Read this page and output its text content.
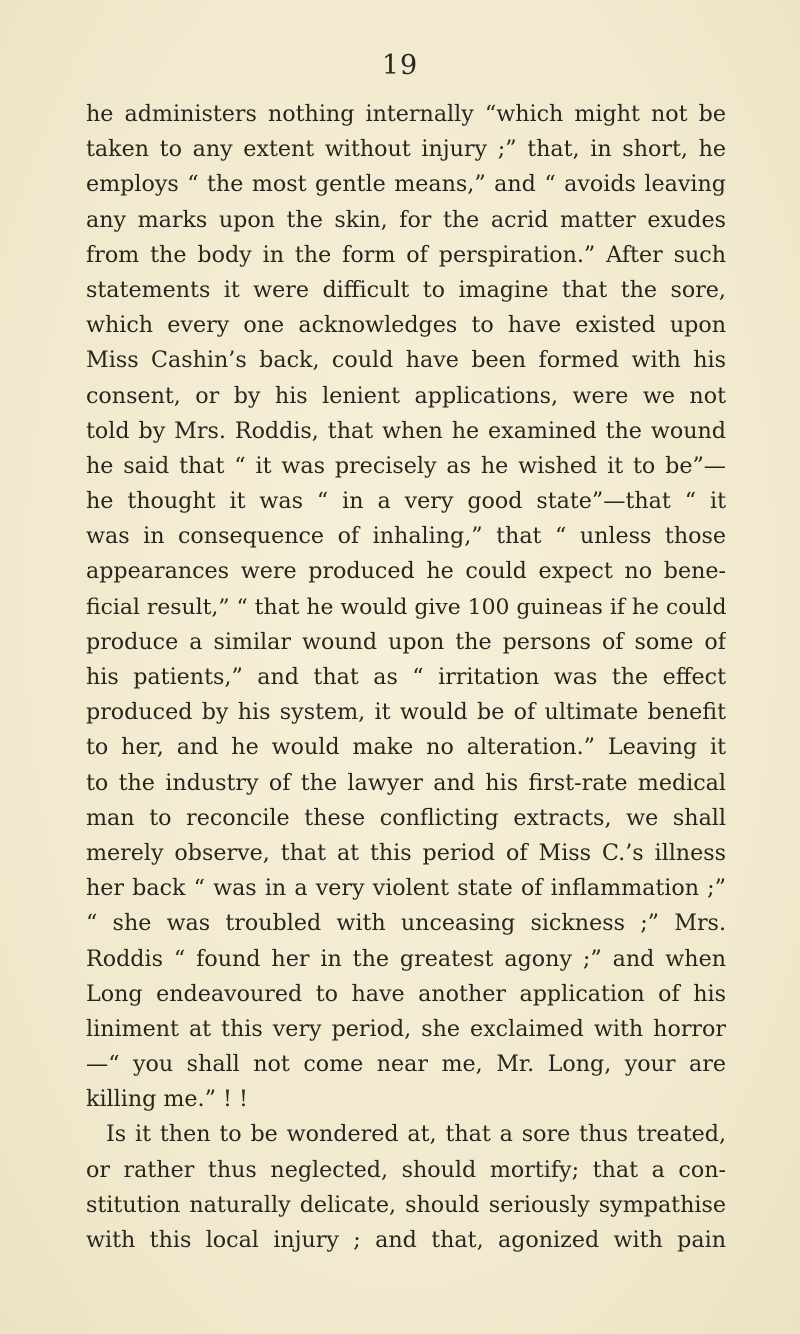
19
he administers nothing internally “which might not be
taken to any extent without injury ;” that, in short, he
employs “ the most gentle means,” and “ avoids leaving
any marks upon the skin, for the acrid matter exudes
from the body in the form of perspiration.” After such
statements it were difficult to imagine that the sore,
which every one acknowledges to have existed upon
Miss Cashin’s back, could have been formed with his
consent, or by his lenient applications, were we not
told by Mrs. Roddis, that when he examined the wound
he said that “ it was precisely as he wished it to be”—
he thought it was “ in a very good state”—that “ it
was in consequence of inhaling,” that “ unless those
appearances were produced he could expect no bene-
ficial result,” “ that he would give 100 guineas if he could
produce a similar wound upon the persons of some of
his patients,” and that as “ irritation was the effect
produced by his system, it would be of ultimate benefit
to her, and he would make no alteration.” Leaving it
to the industry of the lawyer and his first-rate medical
man to reconcile these conflicting extracts, we shall
merely observe, that at this period of Miss C.’s illness
her back “ was in a very violent state of inflammation ;”
“ she was troubled with unceasing sickness ;” Mrs.
Roddis “ found her in the greatest agony ;” and when
Long endeavoured to have another application of his
liniment at this very period, she exclaimed with horror
—“ you shall not come near me, Mr. Long, your are
killing me.” ! !
Is it then to be wondered at, that a sore thus treated,
or rather thus neglected, should mortify; that a con-
stitution naturally delicate, should seriously sympathise
with this local injury ; and that, agonized with pain
